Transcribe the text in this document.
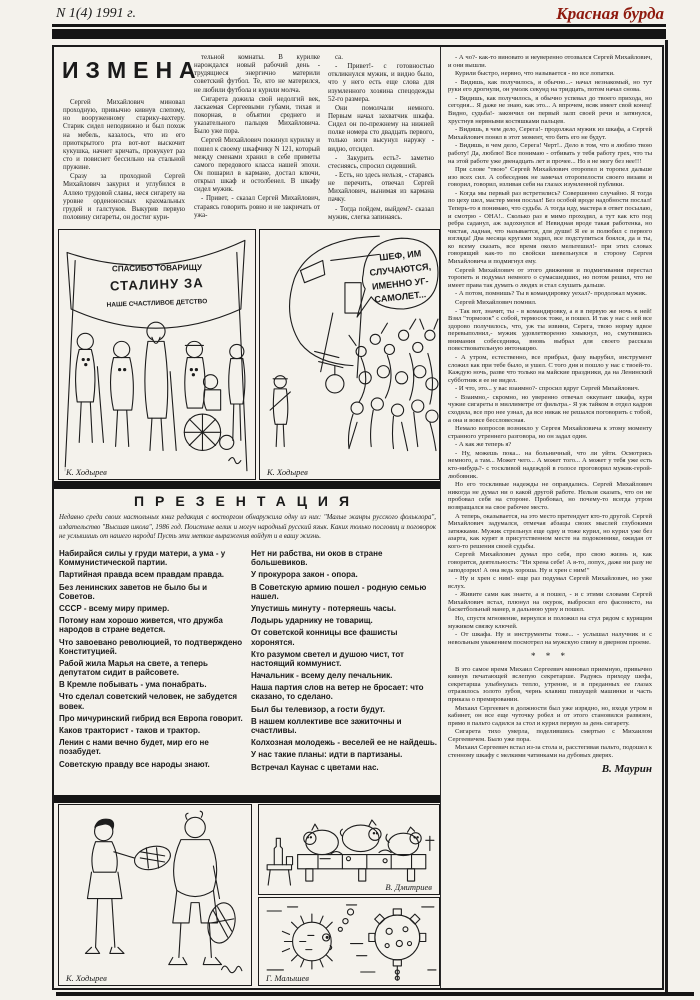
N 1(4) 1991 г.	Красная бурда
ИЗМЕНА

Сергей Михайлович миновал проходную, привычно кивнув слепому, но вооруженному старику-вахтеру. Старик сидел неподвижно и был похож на мебель, казалось, что из его приоткрытого рта вот-вот выскочит кукушка, начнет кричать, прокукует раз сто и повиснет бессильно на стальной пружине.

Сразу за проходной Сергей Михайлович закурил и углубился в Аллею трудовой славы, неся сигарету на уровне орденоносных крахмальных грудей и галстуков. Выкурив первую половину сигареты, он достиг кури-

тельной комнаты. В курилке нарождался новый рабочий день - трудящиеся энергично материли советский футбол. Те, кто не матерился, не любили футбола и курили молча.

Сигарета дожила свой недолгий век, ласкаемая Сергеевыми губами, тихая и покорная, в объятии среднего и указательного пальцев Михайловича. Было уже пора.

Сергей Михайлович покинул курилку и пошел к своему шкафчику N 121, который между сменами хранил в себе приметы самого передового класса нашей эпохи. Он пошарил в кармане, достал ключи, открыл шкаф и остолбенел. В шкафу сидел мужик.

- Привет, - сказал Сергей Михайлович, стараясь говорить ровно и не закричать от ужа-

са.

- Привет!- с готовностью откликнулся мужик, и видно было, что у него есть еще слова для изумленного хозяина спецодежды 52-го размера.

Они помолчали немного. Первым начал захватчик шкафа. Сидел он по-прежнему на нижней полке номера сто двадцать первого, только ноги высунул наружу - видно, отсидел.

- Закурить есть?- заметно стесняясь, спросил сидевший.

- Есть, но здесь нельзя, - стараясь не перечить, отвечал Сергей Михайлович, вынимая из кармана пачку.

- Тогда пойдем, выйдем?- сказал мужик, слегка запинаясь.

- А чо?- как-то виновато и неуверенно отозвался Сергей Михайлович, и они вышли.

Курили быстро, нервно, что называется - во все лопатки.

- Видишь, как получилось, я обычно...- начал незнакомый, но тут руки его дрогнули, он умолк секунд на тридцать, потом начал снова.

- Видишь, как получилось, я обычно успевал до твоего прихода, но сегодня... Я даже не знаю, как это... А впрочем, всяк имеет свой конец! Видно, судьба!- закончил он первый залп своей речи и затянулся, хрустнув нервными костяшками пальцев.

- Видишь, в чем дело, Серега!- продолжал мужик из шкафа, а Сергей Михайлович понял в этот момент, что бить его не будут.

- Видишь, в чем дело, Серега! Черт!.. Дело в том, что я люблю твою работу! Да, люблю! Все понимаю - отбивать у тебя работу грех, что ты на этой работе уже двенадцать лет и прочее... Но я не могу без нее!!!

При слове "твою" Сергей Михайлович оторопел и торопел дальше изо всех сил. А собеседник не замечал оторопелости своего визави и говорил, говорил, изливая себя на глазах изумленной публики.

- Когда мы первый раз встретились? Совершенно случайно. Я тогда по цеху шел, мастер меня послал! Без особой вроде надобности послал! Теперь-то я понимаю, что судьба. А тогда иду, мастера в ответ посылаю, и смотрю - ОНА!.. Сколько раз я мимо проходил, а тут как кто под ребра саданул, аж задохнулся я! Невидная вроде такая работенка, но чистая, ладная, что называется, для души! Я ее и полюбил с первого взгляда! Два месяца кругами ходил, все подступиться боялся, да и ты, ко всему сказать, все время около мельтешил!- при этих словах говорящий как-то по свойски шевельнулся в сторону Сергея Михайловича и подмигнул ему.

Сергей Михайлович от этого движения и подмигивания перестал торопеть и подумал немного о сумасшедших, но потом решил, что не имеет права так думать о людях и стал слушать дальше.

- А потом, помнишь? Ты в командировку уехал?- продолжал мужик.

Сергей Михайлович помнил.

- Так вот, значит, ты - в командировку, а я в первую же ночь к ней! Взял "тормозок" с собой, термосок тоже, и пошел. И так у нас с ней все здорово получилось, что, уж ты извини, Серега, твою норму вдвое перевыполнил,- мужик удовлетворенно хмыкнул, но, смутившись внимания собеседника, вновь выбрал для своего рассказа повествовательную интонацию.

- А утром, естественно, все прибрал, фазу вырубил, инструмент сложил как при тебе было, и ушел. С того дня и пошло у нас с твоей-то. Каждую ночь, разве что только на майские праздники, да на Ленинский субботник я ее не видел.

- И что, это... у вас взаимно?- спросил вдруг Сергей Михайлович.

- Взаимно,- скромно, но уверенно отвечал оккупант шкафа, куря чужие сигареты в миллиметре от фильтра.- Я уж тайком в отдел кадров сходила, все про нее узнал, да все никак не решался поговорить с тобой, а она и вовсе бессловесная.

Немало вопросов возникло у Сергея Михайловича к этому моменту странного утреннего разговора, но он задал один.

- А как же теперь я?

- Ну, можешь пока... на больничный, что ли уйти. Осмотрись немного, а там... Может чего... А может того... А может у тебя уже есть кто-нибудь?- с тоскливой надеждой в голосе проговорил мужик-герой-любовник.

Но его тоскливые надежды не оправдались. Сергей Михайлович никогда не думал ни о какой другой работе. Нельзя сказать, что он не пробовал себя на стороне. Пробовал, но почему-то всегда утром возвращался на свое рабочее место.

А теперь, оказывается, на это место претендует кто-то другой. Сергей Михайлович задумался, отмечая абзацы своих мыслей глубокими затяжками. Мужик стрельнул еще одну и тоже курил, но курил уже без азарта, как курят в присутственном месте на подоконнике, ожидая от кого-то решения своей судьбы.

Сергей Михайлович думал про себя, про свою жизнь и, как говорится, деятельность: "Ни хрена себе! А я-то, лопух, даже ни разу не заподозрил! А она ведь хороша. Ну и хрен с ним!"

- Ну и хрен с ним!- еще раз подумал Сергей Михайлович, но уже вслух.

- Живите сами как знаете, а я пошел, - и с этими словами Сергей Михайлович встал, плюнул на окурок, выбросил его фасонисто, на баскетбольный манер, в дальнюю урну и пошел.

Но, спустя мгновение, вернулся и положил на стул рядом с курящим мужиком связку ключей.

- От шкафа. Ну и инструменты тоже... - услышал налучник и с невольным уважением посмотрел на мужскую спину в дверном проеме.

* * *

В это самое время Михаил Сергеевич миновал приемную, привычно кивнув печатающей вслепую секретарше. Радуясь приходу шефа, секретарша улыбнулась тепло, утренне, и в преданных ее глазах отразилось золото зубов, чернь клавиш пишущей машинки и часть приказа о премировании.

Михаил Сергеевич в должности был уже изрядно, но, входя утром в кабинет, он все еще чуточку робел и от этого становился развязен, прямо в пальто садился за стол и курил первую за день сигарету.

Сигарета тихо умерла, поделившись смертью с Михаилом Сергеевичем. Было уже пора.

Михаил Сергеевич встал из-за стола и, расстегивая пальто, подошел к стенному шкафу с мелкими чатинками на дубовых дверях.

В. Маурин
СПАСИБО ТОВАРИЩУ
СТАЛИНУ ЗА
НАШЕ СЧАСТЛИВОЕ ДЕТСТВО
К. Ходырев
ШЕФ, ИМ
СЛУЧАЮТСЯ,
ИМЕННО УГ-
САМОЛЕТ...
К. Ходырев
ПРЕЗЕНТАЦИЯ
Недавно среди своих настольных книг редакция с восторгом обнаружила одну из них: "Малые жанры русского фольклора", издательство "Высшая школа", 1986 год. Поистине велик и могуч народный русский язык. Каких только пословиц и поговорок не услышишь от нашего народа! Пусть эти меткие выражения войдут и в вашу жизнь.

Набирайся силы у груди матери, а ума - у Коммунистической партии.

Партийная правда всем правдам правда.

Без ленинских заветов не было бы и Советов.

СССР - всему миру пример.

Потому нам хорошо живется, что дружба народов в стране ведется.

Что завоевано революцией, то подтверждено Конституцией.

Рабой жила Марья на свете, а теперь депутатом сидит в райсовете.

В Кремле побывать - ума понабрать.

Что сделал советский человек, не забудется вовек.

Про мичуринский гибрид вся Европа говорит.

Каков тракторист - таков и трактор.

Ленин с нами вечно будет, мир его не позабудет.

Советскую правду все народы знают.

Нет ни рабства, ни оков в стране большевиков.

У прокурора закон - опора.

В Советскую армию пошел - родную семью нашел.

Упустишь минуту - потеряешь часы.

Лодырь ударнику не товарищ.

От советской конницы все фашисты хоронятся.

Кто разумом светел и душою чист, тот настоящий коммунист.

Начальник - всему делу печальник.

Наша партия слов на ветер не бросает: что сказано, то сделано.

Был бы телевизор, а гости будут.

В нашем коллективе все зажиточны и счастливы.

Колхозная молодежь - веселей ее не найдешь.

У нас такие планы: идти в партизаны.

Встречал Каунас с цветами нас.

К. Ходырев
В. Дмитриев
Г. Малышев
